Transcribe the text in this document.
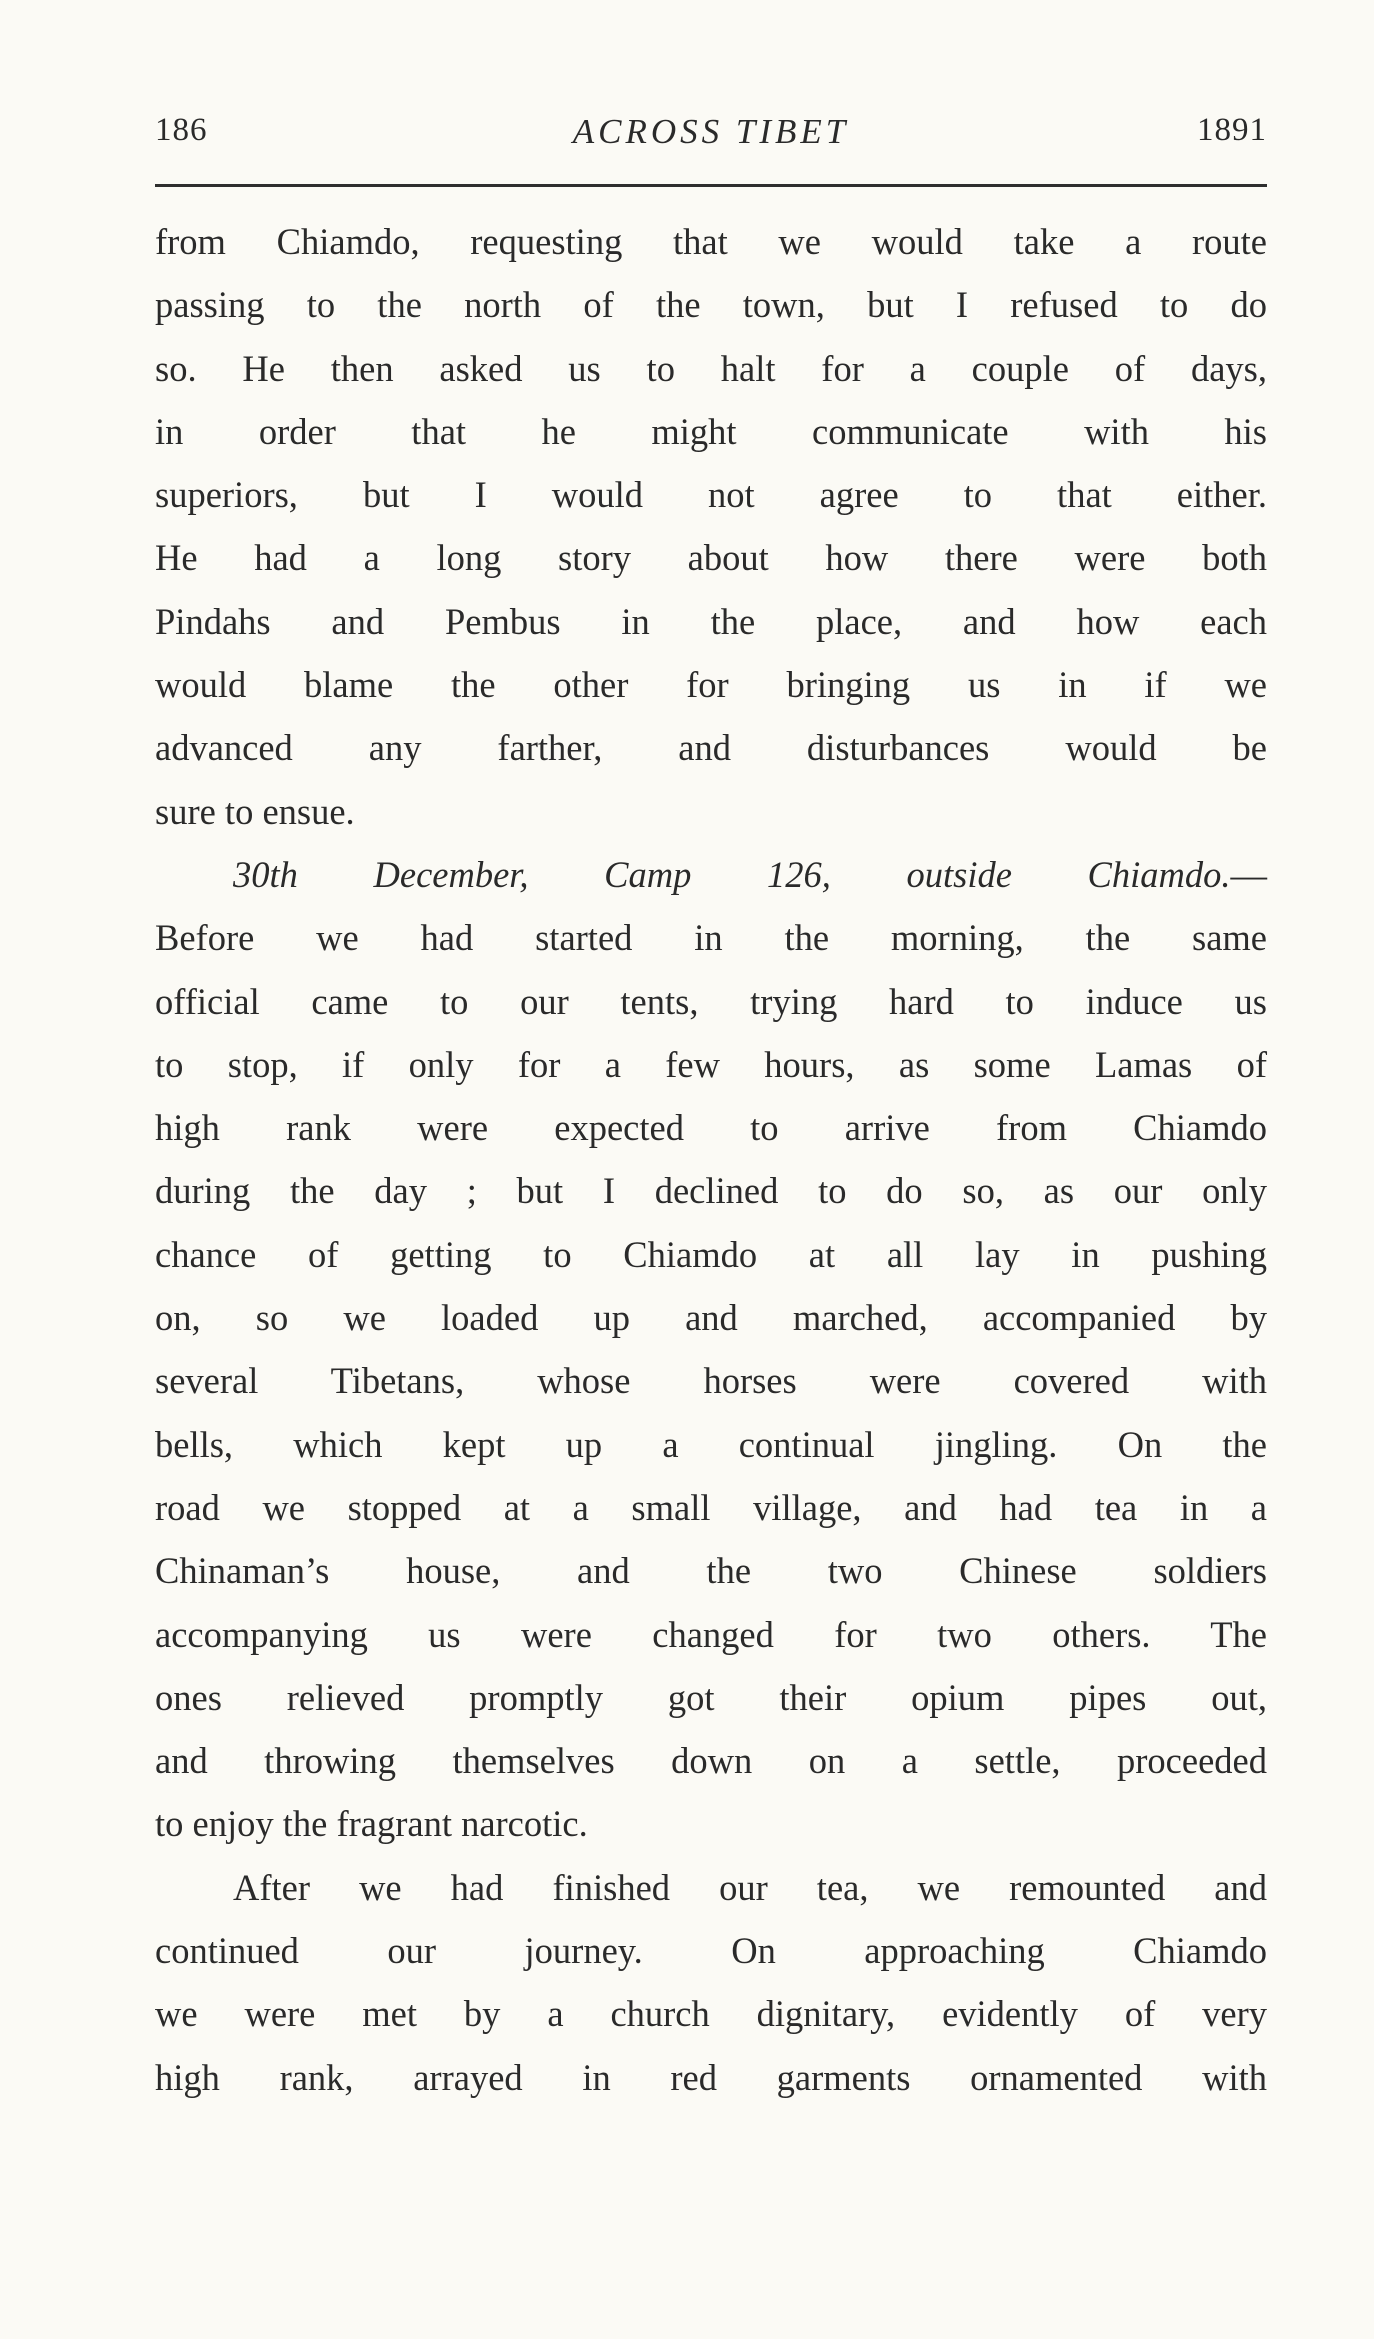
186	ACROSS TIBET	1891

from Chiamdo, requesting that we would take a route
passing to the north of the town, but I refused to do
so. He then asked us to halt for a couple of days,
in order that he might communicate with his
superiors, but I would not agree to that either.
He had a long story about how there were both
Pindahs and Pembus in the place, and how each
would blame the other for bringing us in if we
advanced any farther, and disturbances would be
sure to ensue.

30th December, Camp 126, outside Chiamdo.—
Before we had started in the morning, the same
official came to our tents, trying hard to induce us
to stop, if only for a few hours, as some Lamas of
high rank were expected to arrive from Chiamdo
during the day ; but I declined to do so, as our only
chance of getting to Chiamdo at all lay in pushing
on, so we loaded up and marched, accompanied by
several Tibetans, whose horses were covered with
bells, which kept up a continual jingling. On the
road we stopped at a small village, and had tea in a
Chinaman’s house, and the two Chinese soldiers
accompanying us were changed for two others. The
ones relieved promptly got their opium pipes out,
and throwing themselves down on a settle, proceeded
to enjoy the fragrant narcotic.

After we had finished our tea, we remounted and
continued our journey. On approaching Chiamdo
we were met by a church dignitary, evidently of very
high rank, arrayed in red garments ornamented with
